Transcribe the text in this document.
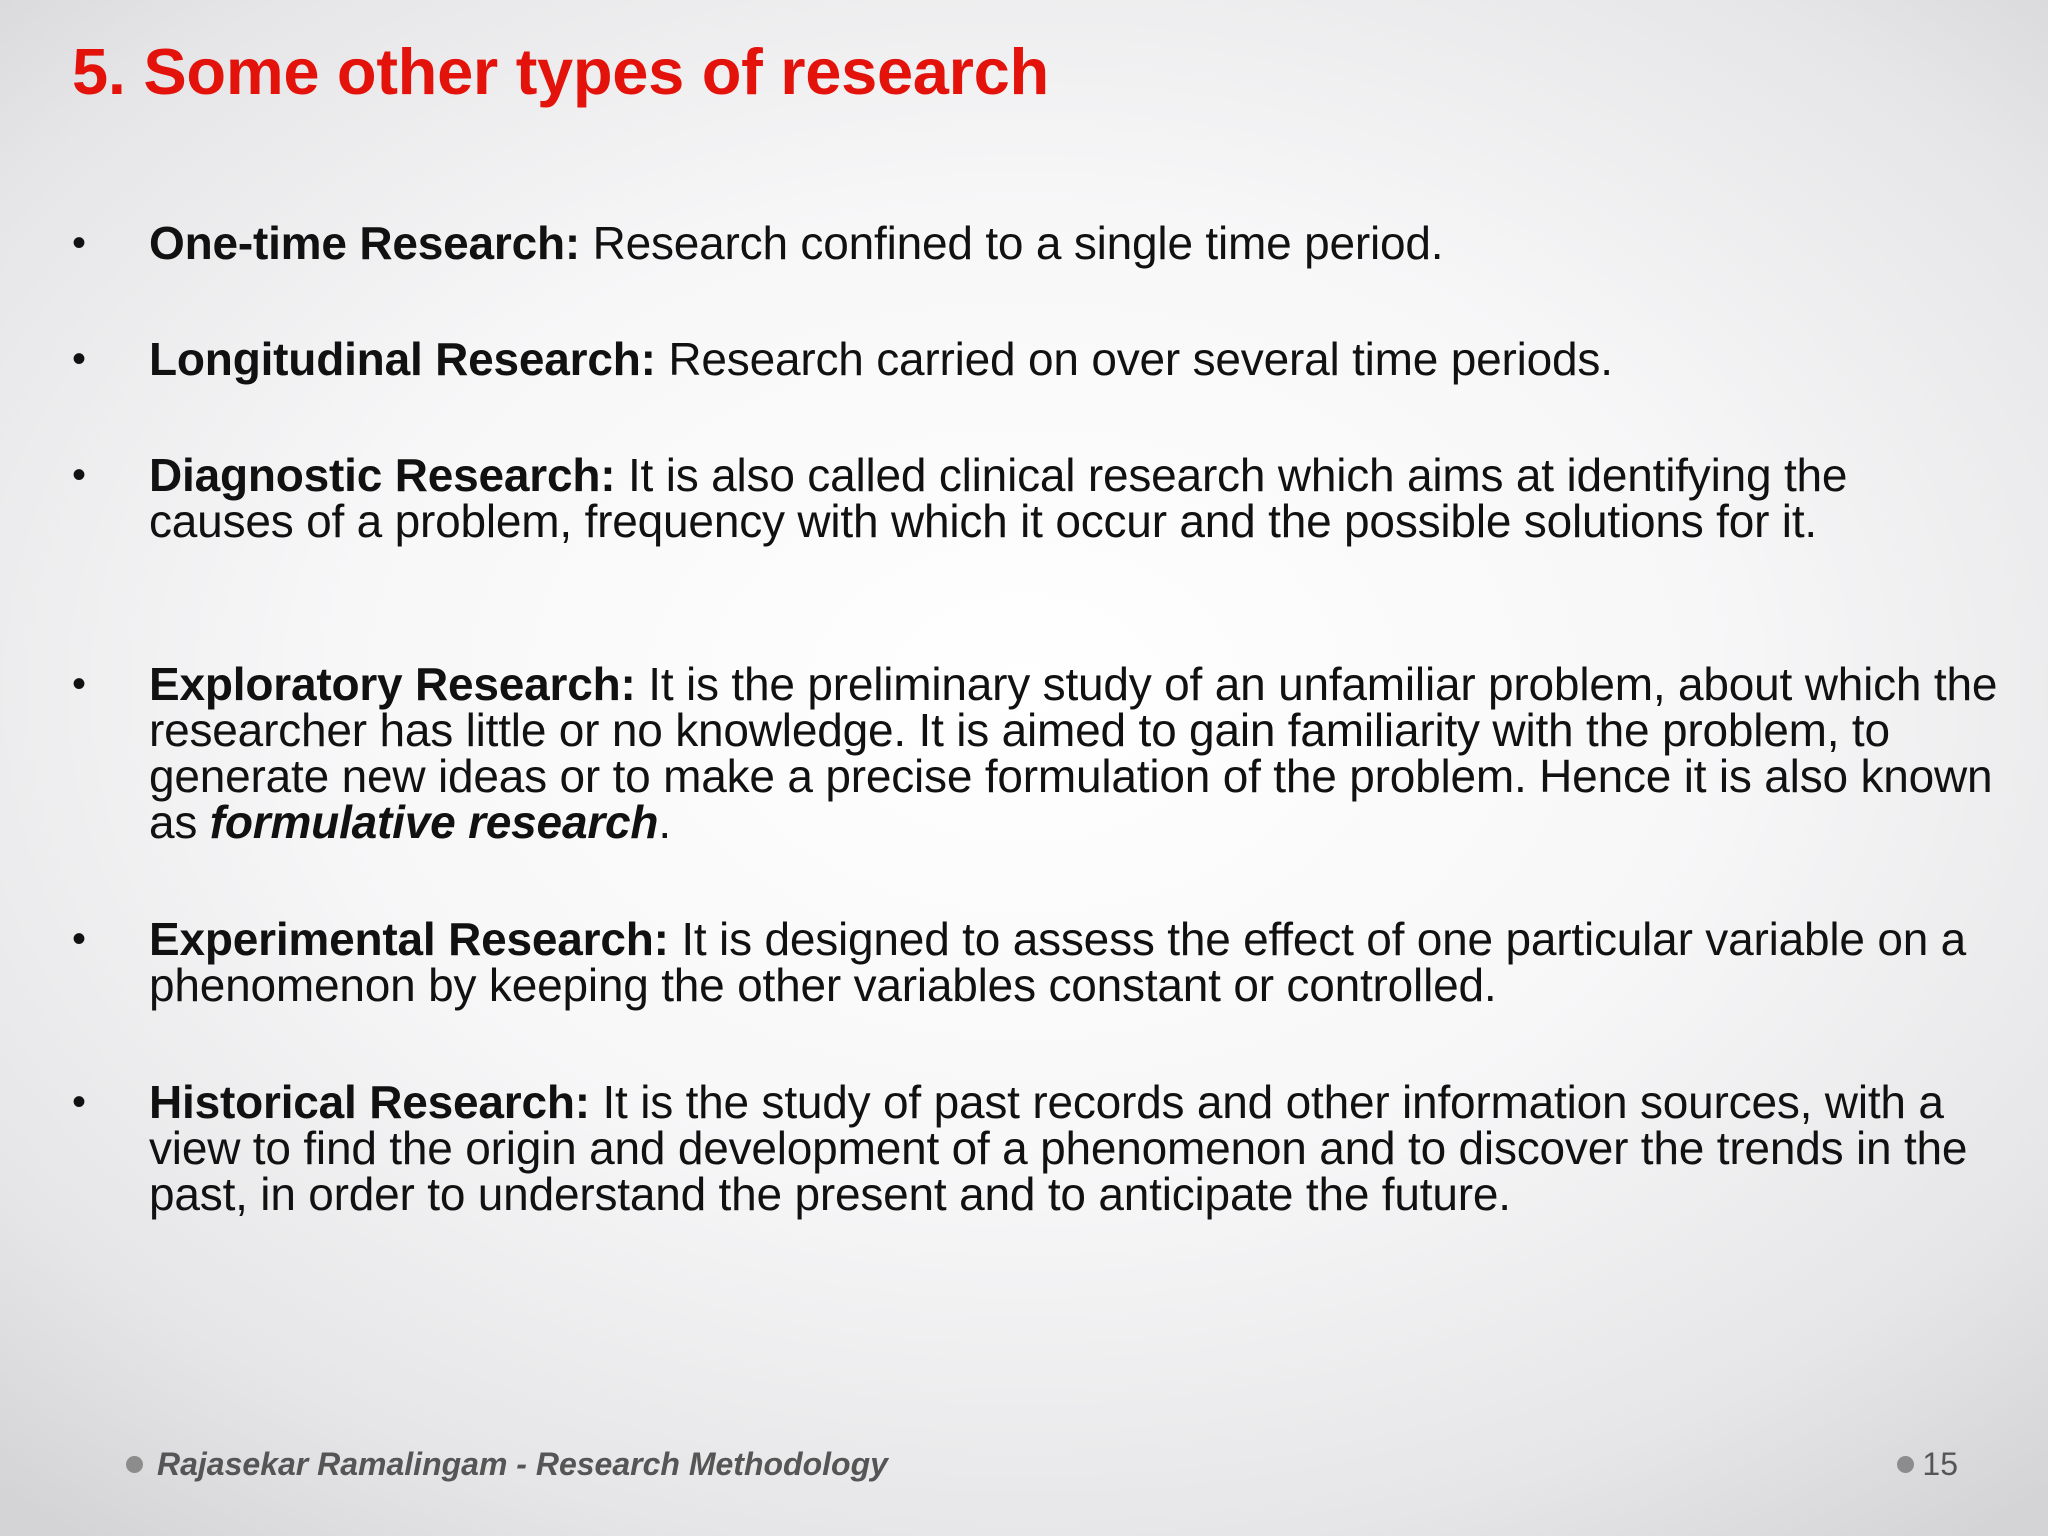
5. Some other types of research
• One-time Research: Research confined to a single time period.
• Longitudinal Research: Research carried on over several time periods.
• Diagnostic Research: It is also called clinical research which aims at identifying the causes of a problem, frequency with which it occur and the possible solutions for it.
• Exploratory Research: It is the preliminary study of an unfamiliar problem, about which the researcher has little or no knowledge. It is aimed to gain familiarity with the problem, to generate new ideas or to make a precise formulation of the problem. Hence it is also known as formulative research.
• Experimental Research: It is designed to assess the effect of one particular variable on a phenomenon by keeping the other variables constant or controlled.
• Historical Research: It is the study of past records and other information sources, with a view to find the origin and development of a phenomenon and to discover the trends in the past, in order to understand the present and to anticipate the future.
Rajasekar Ramalingam - Research Methodology	15
